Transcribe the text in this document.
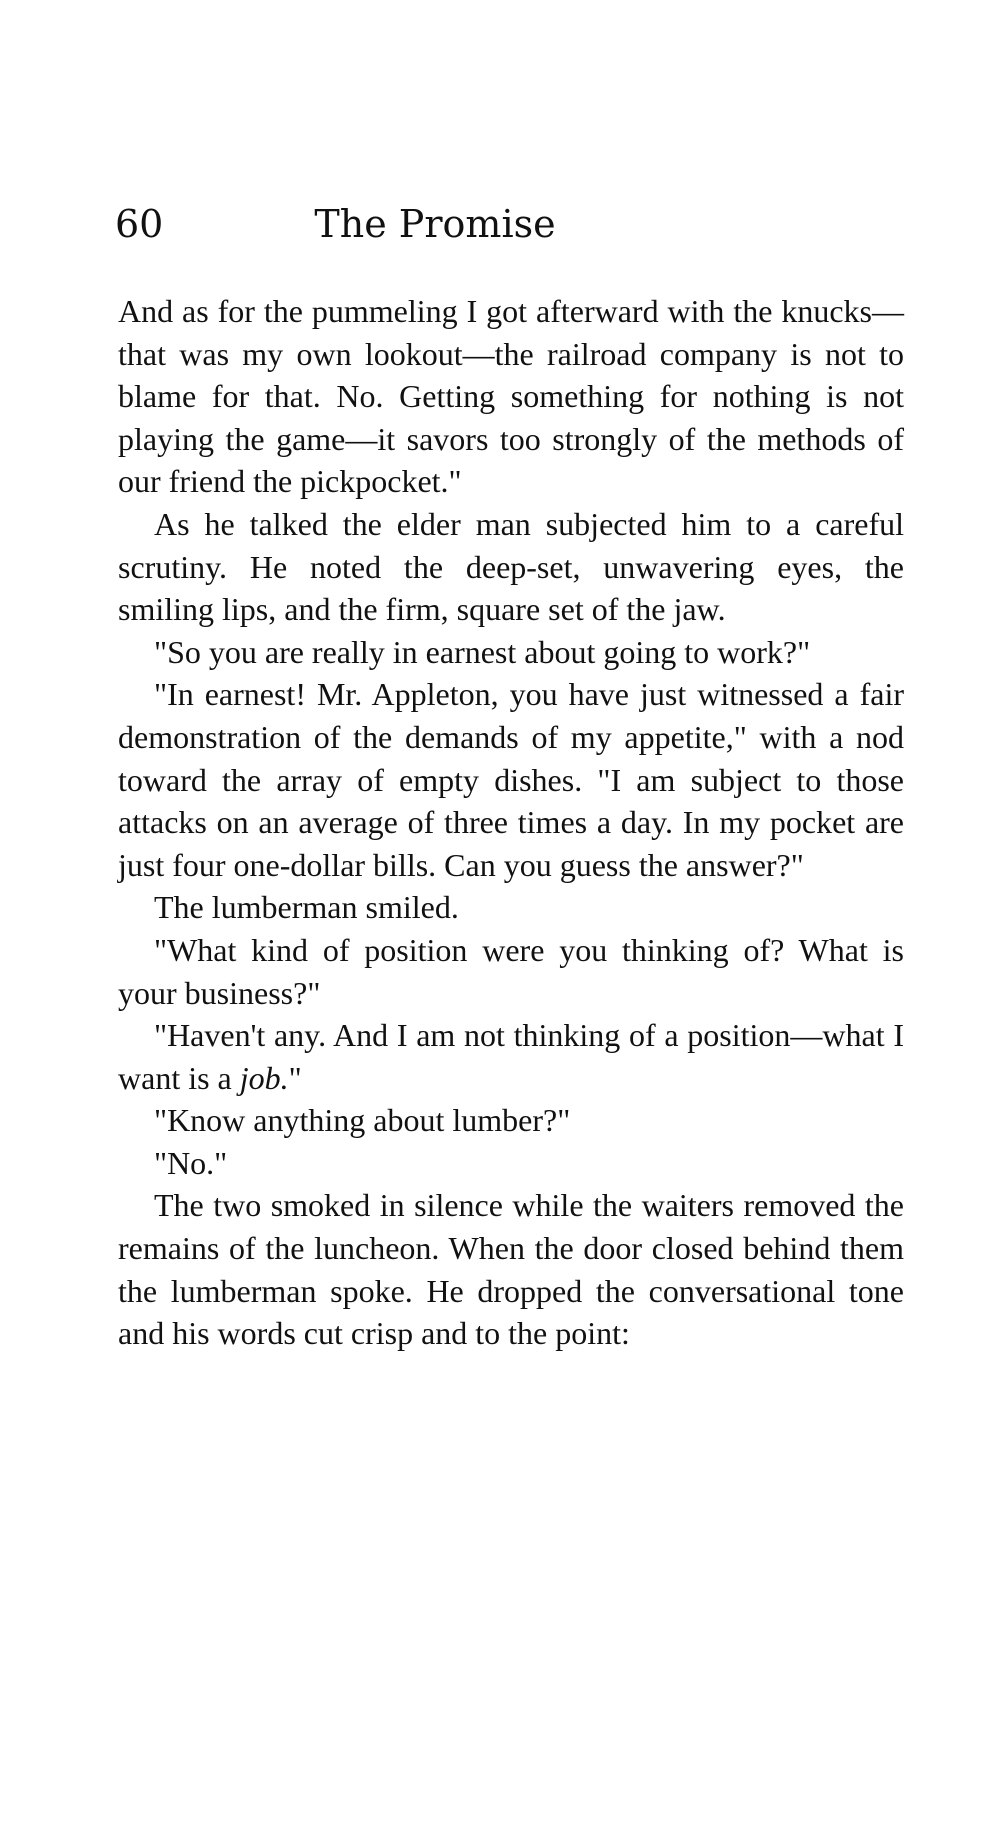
60	The Promise

And as for the pummeling I got afterward with the knucks—that was my own lookout—the railroad company is not to blame for that. No. Getting something for nothing is not playing the game—it savors too strongly of the methods of our friend the pickpocket."

As he talked the elder man subjected him to a careful scrutiny. He noted the deep-set, unwavering eyes, the smiling lips, and the firm, square set of the jaw.

"So you are really in earnest about going to work?"

"In earnest! Mr. Appleton, you have just witnessed a fair demonstration of the demands of my appetite," with a nod toward the array of empty dishes. "I am subject to those attacks on an average of three times a day. In my pocket are just four one-dollar bills. Can you guess the answer?"

The lumberman smiled.

"What kind of position were you thinking of? What is your business?"

"Haven't any. And I am not thinking of a position—what I want is a job."

"Know anything about lumber?"

"No."

The two smoked in silence while the waiters removed the remains of the luncheon. When the door closed behind them the lumberman spoke. He dropped the conversational tone and his words cut crisp and to the point:
